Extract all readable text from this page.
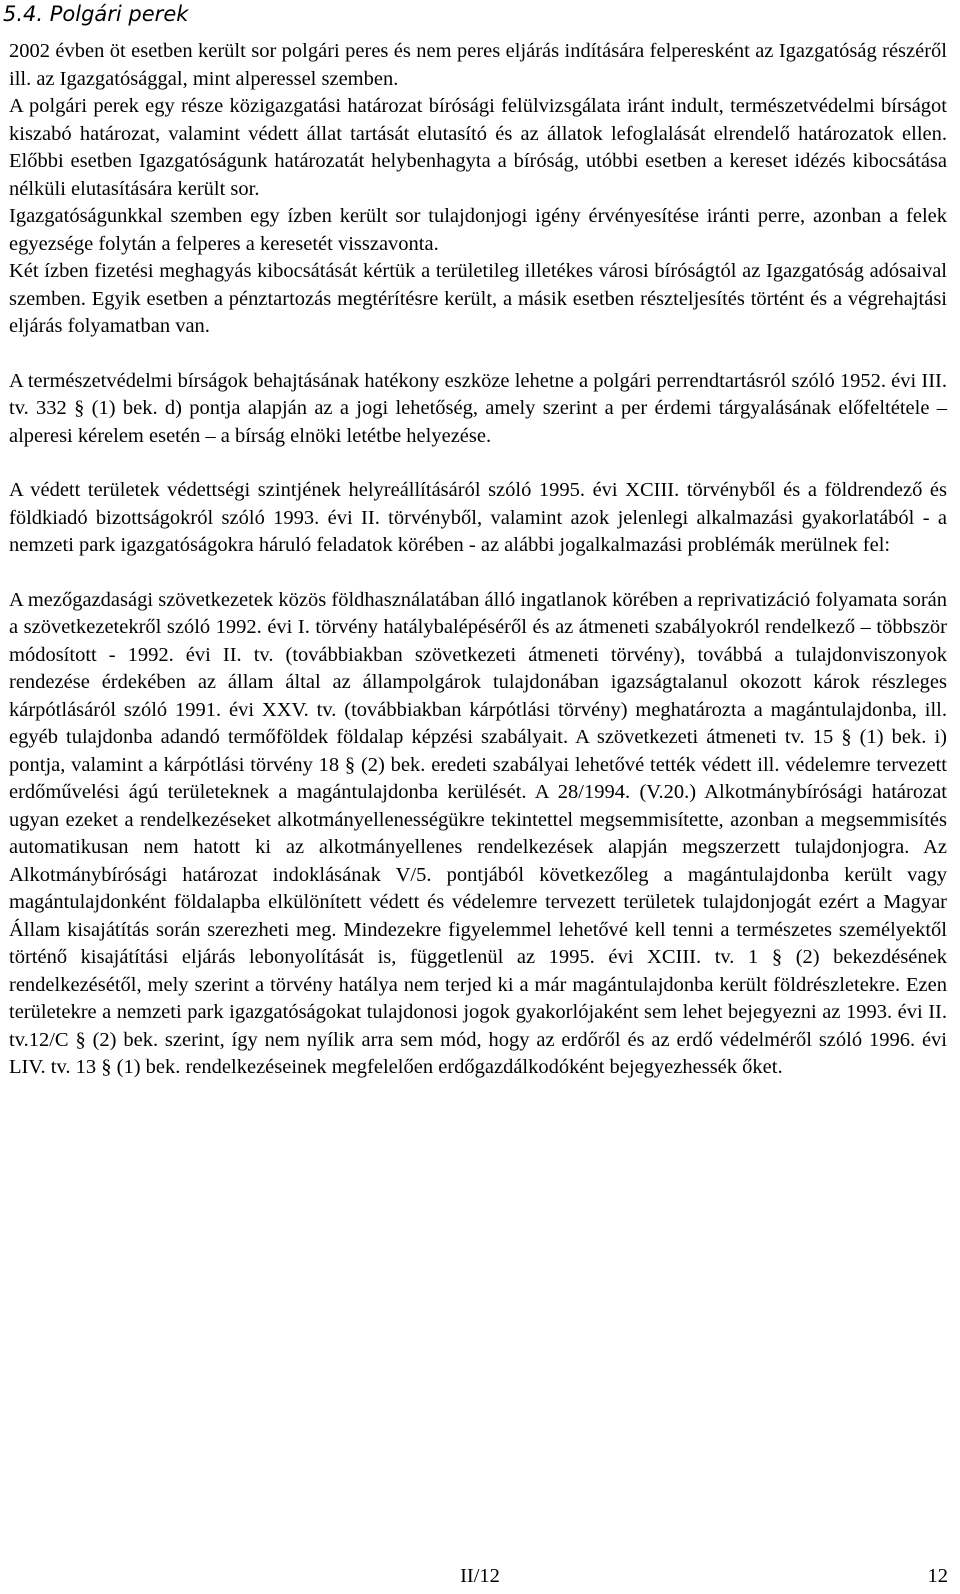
5.4. Polgári perek

2002 évben öt esetben került sor polgári peres és nem peres eljárás indítására felperesként az Igazgatóság részéről ill. az Igazgatósággal, mint alperessel szemben.

A polgári perek egy része közigazgatási határozat bírósági felülvizsgálata iránt indult, természetvédelmi bírságot kiszabó határozat, valamint védett állat tartását elutasító és az állatok lefoglalását elrendelő határozatok ellen. Előbbi esetben Igazgatóságunk határozatát helybenhagyta a bíróság, utóbbi esetben a kereset idézés kibocsátása nélküli elutasítására került sor.

Igazgatóságunkkal szemben egy ízben került sor tulajdonjogi igény érvényesítése iránti perre, azonban a felek egyezsége folytán a felperes a keresetét visszavonta.

Két ízben fizetési meghagyás kibocsátását kértük a területileg illetékes városi bíróságtól az Igazgatóság adósaival szemben. Egyik esetben a pénztartozás megtérítésre került, a másik esetben részteljesítés történt és a végrehajtási eljárás folyamatban van.

A természetvédelmi bírságok behajtásának hatékony eszköze lehetne a polgári perrendtartásról szóló 1952. évi III. tv. 332 § (1) bek. d) pontja alapján az a jogi lehetőség, amely szerint a per érdemi tárgyalásának előfeltétele – alperesi kérelem esetén – a bírság elnöki letétbe helyezése.

A védett területek védettségi szintjének helyreállításáról szóló 1995. évi XCIII. törvényből és a földrendező és földkiadó bizottságokról szóló 1993. évi II. törvényből, valamint azok jelenlegi alkalmazási gyakorlatából - a nemzeti park igazgatóságokra háruló feladatok körében - az alábbi jogalkalmazási problémák merülnek fel:

A mezőgazdasági szövetkezetek közös földhasználatában álló ingatlanok körében a reprivatizáció folyamata során a szövetkezetekről szóló 1992. évi I. törvény hatálybalépéséről és az átmeneti szabályokról rendelkező – többször módosított - 1992. évi II. tv. (továbbiakban szövetkezeti átmeneti törvény), továbbá a tulajdonviszonyok rendezése érdekében az állam által az állampolgárok tulajdonában igazságtalanul okozott károk részleges kárpótlásáról szóló 1991. évi XXV. tv. (továbbiakban kárpótlási törvény) meghatározta a magántulajdonba, ill. egyéb tulajdonba adandó termőföldek földalap képzési szabályait. A szövetkezeti átmeneti tv. 15 § (1) bek. i) pontja, valamint a kárpótlási törvény 18 § (2) bek. eredeti szabályai lehetővé tették védett ill. védelemre tervezett erdőművelési ágú területeknek a magántulajdonba kerülését. A 28/1994. (V.20.) Alkotmánybírósági határozat ugyan ezeket a rendelkezéseket alkotmányellenességükre tekintettel megsemmisítette, azonban a megsemmisítés automatikusan nem hatott ki az alkotmányellenes rendelkezések alapján megszerzett tulajdonjogra. Az Alkotmánybírósági határozat indoklásának V/5. pontjából következőleg a magántulajdonba került vagy magántulajdonként földalapba elkülönített védett és védelemre tervezett területek tulajdonjogát ezért a Magyar Állam kisajátítás során szerezheti meg. Mindezekre figyelemmel lehetővé kell tenni a természetes személyektől történő kisajátítási eljárás lebonyolítását is, függetlenül az 1995. évi XCIII. tv. 1 § (2) bekezdésének rendelkezésétől, mely szerint a törvény hatálya nem terjed ki a már magántulajdonba került földrészletekre. Ezen területekre a nemzeti park igazgatóságokat tulajdonosi jogok gyakorlójaként sem lehet bejegyezni az 1993. évi II. tv.12/C § (2) bek. szerint, így nem nyílik arra sem mód, hogy az erdőről és az erdő védelméről szóló 1996. évi LIV. tv. 13 § (1) bek. rendelkezéseinek megfelelően erdőgazdálkodóként bejegyezhessék őket.

II/12	12
